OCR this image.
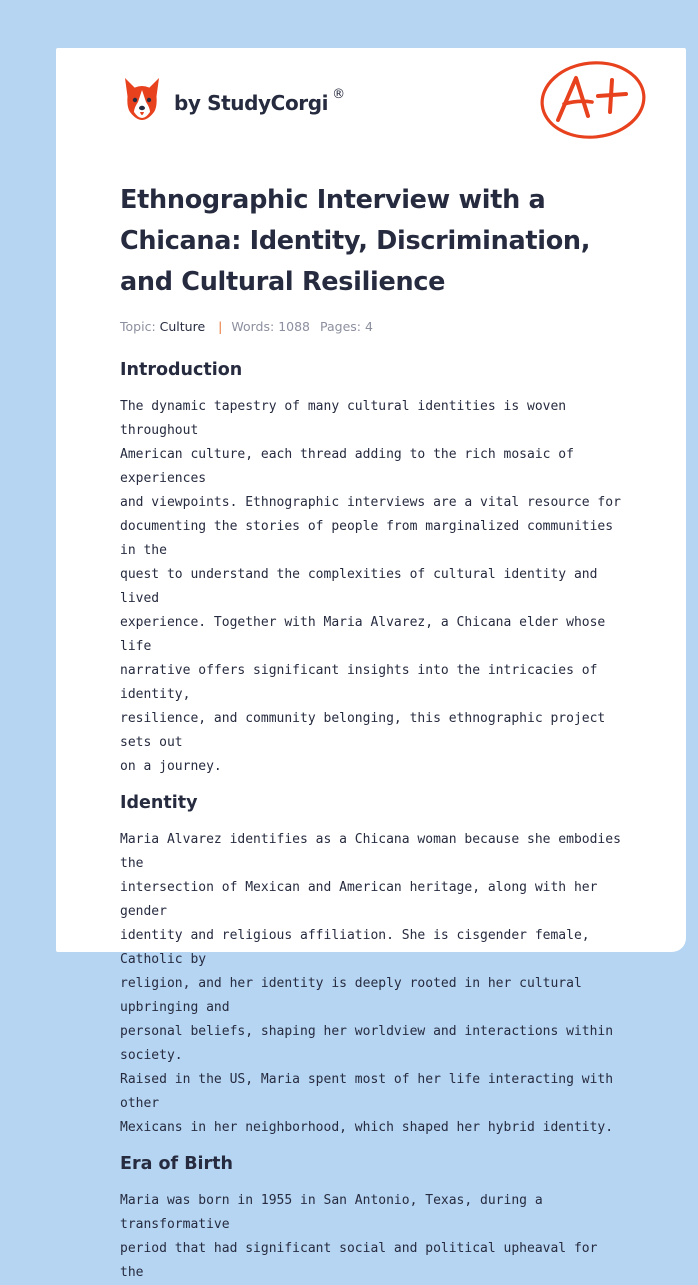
by StudyCorgi ®
Ethnographic Interview with a Chicana: Identity, Discrimination, and Cultural Resilience
Topic: Culture | Words: 1088 Pages: 4
Introduction

The dynamic tapestry of many cultural identities is woven throughout
American culture, each thread adding to the rich mosaic of experiences
and viewpoints. Ethnographic interviews are a vital resource for
documenting the stories of people from marginalized communities in the
quest to understand the complexities of cultural identity and lived
experience. Together with Maria Alvarez, a Chicana elder whose life
narrative offers significant insights into the intricacies of identity,
resilience, and community belonging, this ethnographic project sets out
on a journey.

Identity

Maria Alvarez identifies as a Chicana woman because she embodies the
intersection of Mexican and American heritage, along with her gender
identity and religious affiliation. She is cisgender female, Catholic by
religion, and her identity is deeply rooted in her cultural upbringing and
personal beliefs, shaping her worldview and interactions within society.
Raised in the US, Maria spent most of her life interacting with other
Mexicans in her neighborhood, which shaped her hybrid identity.

Era of Birth

Maria was born in 1955 in San Antonio, Texas, during a transformative
period that had significant social and political upheaval for the
